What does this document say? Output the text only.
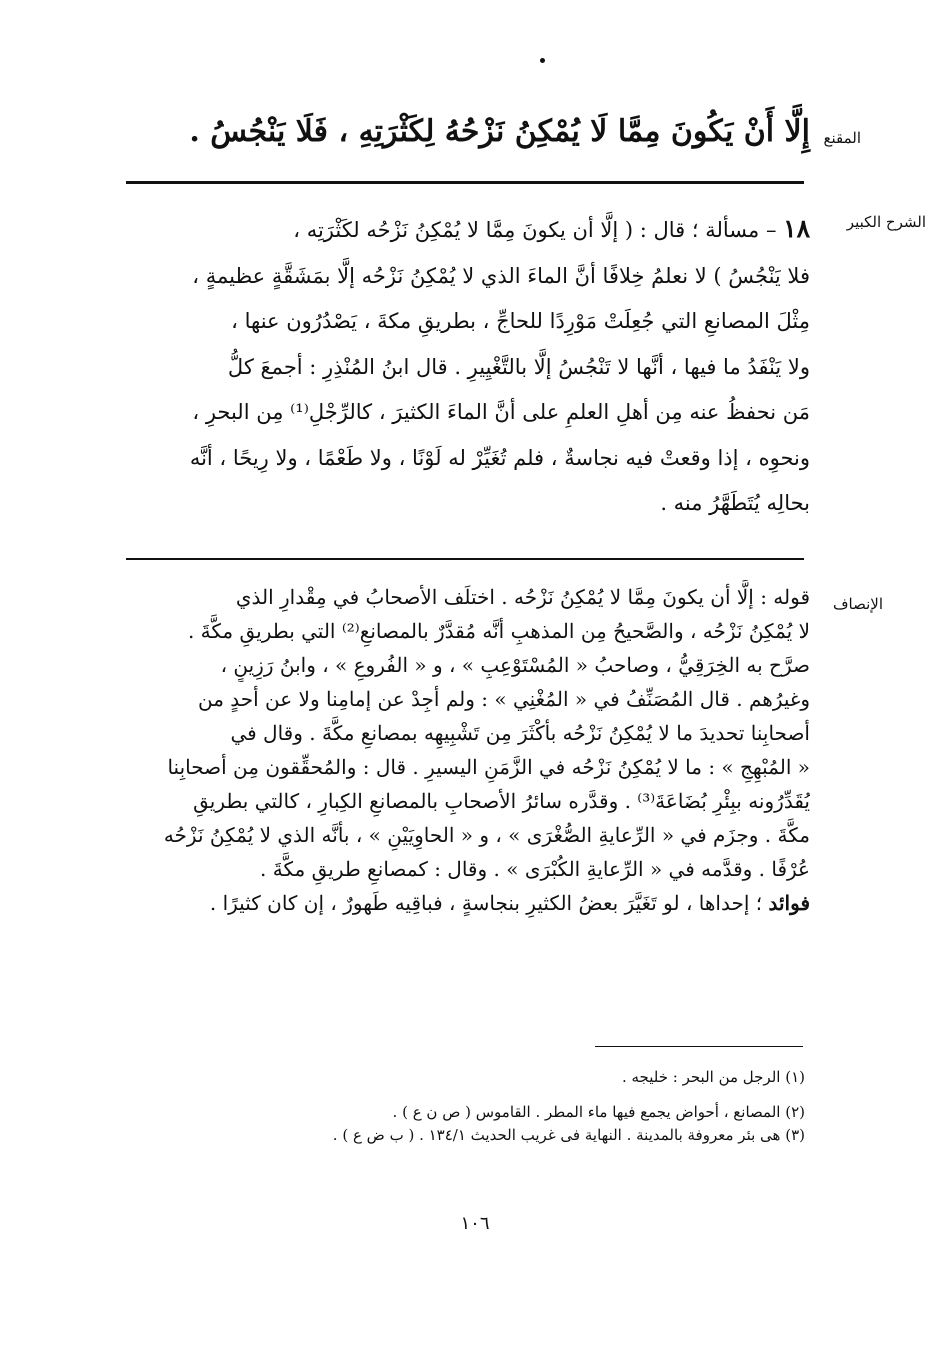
المقنع
إِلَّا أَنْ يَكُونَ مِمَّا لَا يُمْكِنُ نَزْحُهُ لِكَثْرَتِهِ ، فَلَا يَنْجُسُ .
الشرح الكبير
١٨ – مسألة ؛ قال : ( إلَّا أن يكونَ مِمَّا لا يُمْكِنُ نَزْحُه لكَثْرَتِه ،
فلا يَنْجُسُ ) لا نعلمُ خِلافًا أنَّ الماءَ الذي لا يُمْكِنُ نَزْحُه إلَّا بمَشَقَّةٍ عظيمةٍ ،
مِثْلَ المصانعِ التي جُعِلَتْ مَوْرِدًا للحاجِّ ، بطريقِ مكةَ ، يَصْدُرُون عنها ،
ولا يَنْفَدُ ما فيها ، أنَّها لا تَنْجُسُ إلَّا بالتَّغْيِيرِ . قال ابنُ المُنْذِرِ : أجمعَ كلُّ
مَن نحفظُ عنه مِن أهلِ العلمِ على أنَّ الماءَ الكثيرَ ، كالرِّجْلِ⁽¹⁾ مِن البحرِ ،
ونحوِه ، إذا وقعتْ فيه نجاسةٌ ، فلم تُغَيِّرْ له لَوْنًا ، ولا طَعْمًا ، ولا رِيحًا ، أنَّه
بحالِه يُتَطَهَّرُ منه .
الإنصاف
قوله : إلَّا أن يكونَ مِمَّا لا يُمْكِنُ نَزْحُه . اختلَف الأصحابُ في مِقْدارِ الذي
لا يُمْكِنُ نَزْحُه ، والصَّحيحُ مِن المذهبِ أنَّه مُقدَّرٌ بالمصانعِ⁽²⁾ التي بطريقِ مكَّةَ .
صرَّح به الخِرَقِيُّ ، وصاحبُ « المُسْتَوْعِبِ » ، و « الفُروعِ » ، وابنُ رَزِينٍ ،
وغيرُهم . قال المُصَنِّفُ في « المُغْنِي » : ولم أجِدْ عن إمامِنا ولا عن أحدٍ من
أصحابِنا تحديدَ ما لا يُمْكِنُ نَزْحُه بأكْثَرَ مِن تَشْبِيهِه بمصانعِ مكَّةَ . وقال في
« المُبْهِجِ » : ما لا يُمْكِنُ نَزْحُه في الزَّمَنِ اليسيرِ . قال : والمُحقِّقون مِن أصحابِنا
يُقَدِّرُونه ببِئْرِ بُضَاعَةَ⁽³⁾ . وقدَّره سائرُ الأصحابِ بالمصانعِ الكِبارِ ، كالتي بطريقِ
مكَّةَ . وجزَم في « الرِّعايةِ الصُّغْرَى » ، و « الحاوِيَيْنِ » ، بأنَّه الذي لا يُمْكِنُ نَزْحُه
عُرْفًا . وقدَّمه في « الرِّعايةِ الكُبْرَى » . وقال : كمصانعِ طريقِ مكَّةَ .
فوائد ؛ إحداها ، لو تَغَيَّرَ بعضُ الكثيرِ بنجاسةٍ ، فباقِيه طَهورٌ ، إن كان كثيرًا .
(١) الرجل من البحر : خليجه .
(٢) المصانع ، أحواض يجمع فيها ماء المطر . القاموس ( ص ن ع ) .
(٣) هى بئر معروفة بالمدينة . النهاية فى غريب الحديث ١٣٤/١ . ( ب ض ع ) .
١٠٦
